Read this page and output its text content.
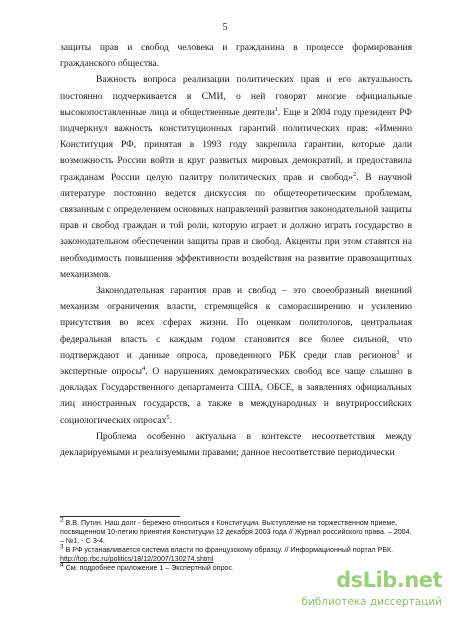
5

защиты прав и свобод человека и гражданина в процессе формирования гражданского общества.

Важность вопроса реализации политических прав и его актуальность постоянно подчеркивается в СМИ, о ней говорят многие официальные высокопоставленные лица и общественные деятели$^1$. Еще в 2004 году президент РФ подчеркнул важность конституционных гарантий политических прав: «Именно Конституция РФ, принятая в 1993 году закрепила гарантии, которые дали возможность России войти в круг развитых мировых демократий, и предоставила гражданам России целую палитру политических прав и свобод»$^2$. В научной литературе постоянно ведется дискуссия по общетеоретическим проблемам, связанным с определением основных направлений развития законодательной защиты прав и свобод граждан и той роли, которую играет и должно играть государство в законодательном обеспечении защиты прав и свобод. Акценты при этом ставятся на необходимость повышения эффективности воздействия на развитие правозащитных механизмов.

Законодательная гарантия прав и свобод – это своеобразный внешний механизм ограничения власти, стремящейся к саморасширению и усилению присутствия во всех сферах жизни. По оценкам политологов, центральная федеральная власть с каждым годом становится все более сильной, что подтверждают и данные опроса, проведенного РБК среди глав регионов$^3$ и экспертные опросы$^4$. О нарушениях демократических свобод все чаще слышно в докладах Государственного департамента США, ОБСЕ, в заявлениях официальных лиц иностранных государств, а также в международных и внутрироссийских социологических опросах$^5$.

Проблема особенно актуальна в контексте несоответствия между декларируемыми и реализуемыми правами; данное несоответствие периодически

$^2$ В.В. Путин. Наш долг - бережно относиться к Конституции. Выступление на торжественном приеме, посвященном 10-летию принятия Конституции 12 декабря 2003 года // Журнал российского права. – 2004. – №1. - С 3-4.

$^3$ В РФ устанавливается система власти по французскому образцу. // Информационный портал РБК.
http://top.rbc.ru/politics/18/12/2007/130274.shtml

$^4$ См. подробнее приложение 1 – Экспертный опрос.	dsLib.net
библиотека диссертаций
